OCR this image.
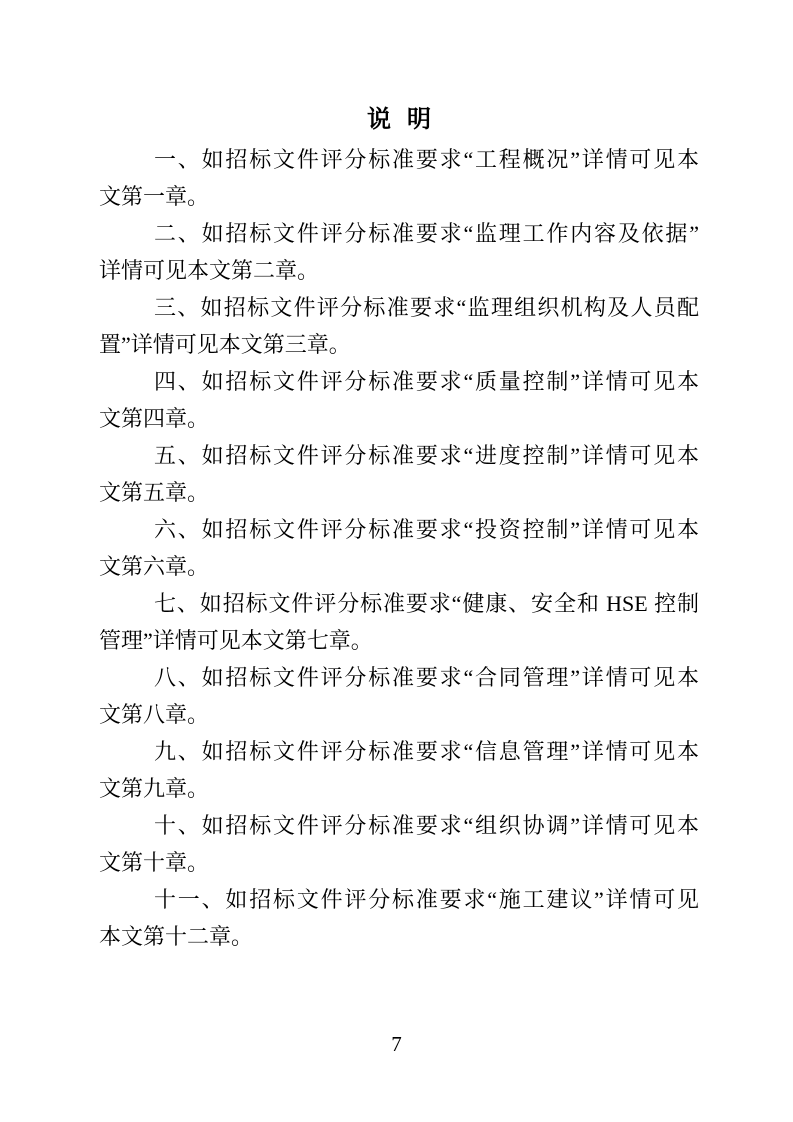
说 明
一、如招标文件评分标准要求“工程概况”详情可见本
文第一章。
二、如招标文件评分标准要求“监理工作内容及依据”
详情可见本文第二章。
三、如招标文件评分标准要求“监理组织机构及人员配
置”详情可见本文第三章。
四、如招标文件评分标准要求“质量控制”详情可见本
文第四章。
五、如招标文件评分标准要求“进度控制”详情可见本
文第五章。
六、如招标文件评分标准要求“投资控制”详情可见本
文第六章。
七、如招标文件评分标准要求“健康、安全和 HSE 控制
管理”详情可见本文第七章。
八、如招标文件评分标准要求“合同管理”详情可见本
文第八章。
九、如招标文件评分标准要求“信息管理”详情可见本
文第九章。
十、如招标文件评分标准要求“组织协调”详情可见本
文第十章。
十一、如招标文件评分标准要求“施工建议”详情可见
本文第十二章。
7
